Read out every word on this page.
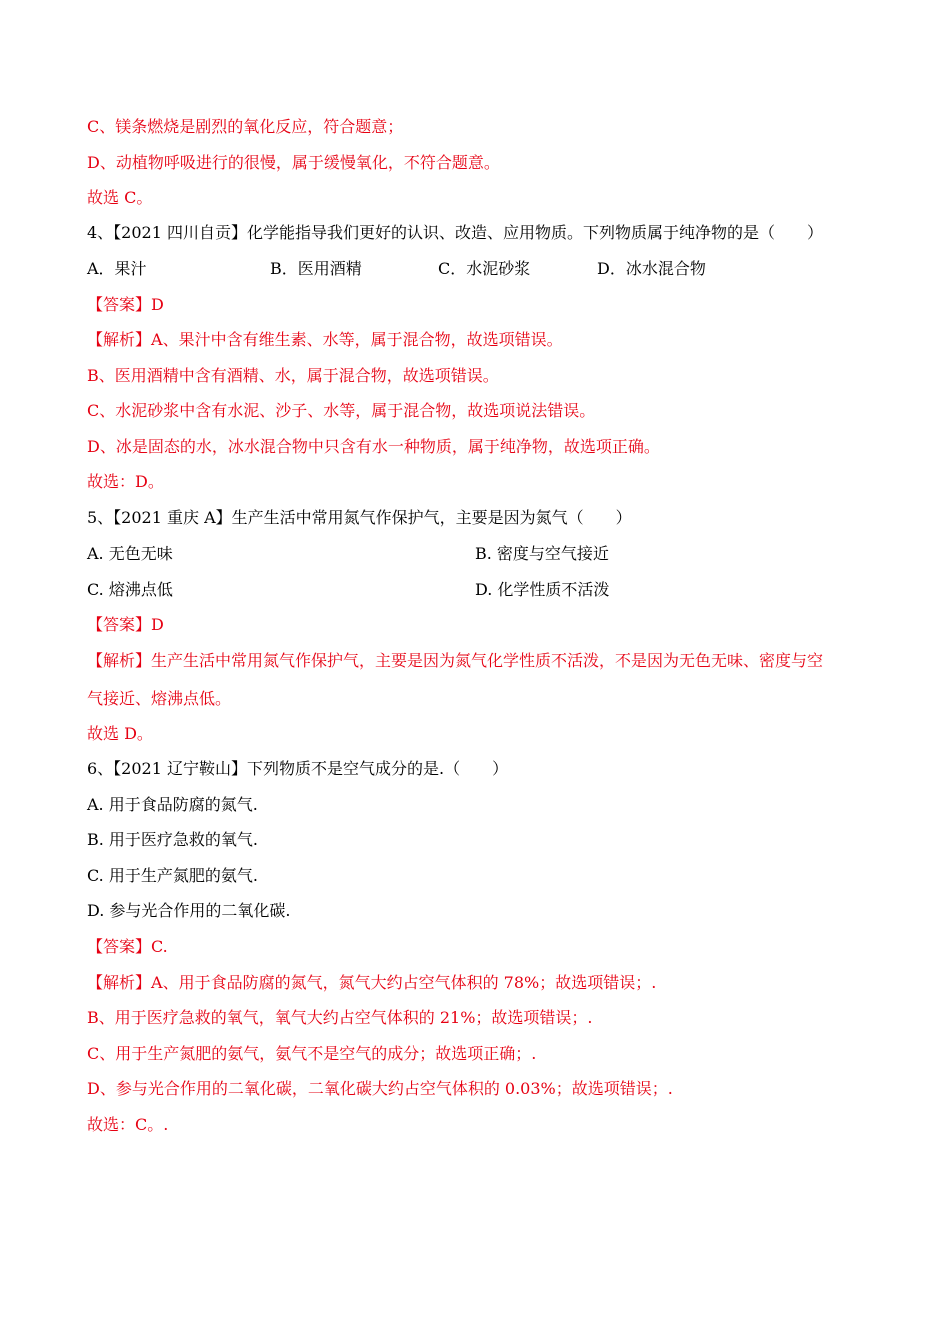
C、镁条燃烧是剧烈的氧化反应，符合题意；
D、动植物呼吸进行的很慢，属于缓慢氧化，不符合题意。
故选 C。
4、【2021 四川自贡】化学能指导我们更好的认识、改造、应用物质。下列物质属于纯净物的是（　　）
A．果汁	B．医用酒精	C．水泥砂浆	D．冰水混合物
【答案】D
【解析】A、果汁中含有维生素、水等，属于混合物，故选项错误。
B、医用酒精中含有酒精、水，属于混合物，故选项错误。
C、水泥砂浆中含有水泥、沙子、水等，属于混合物，故选项说法错误。
D、冰是固态的水，冰水混合物中只含有水一种物质，属于纯净物，故选项正确。
故选：D。
5、【2021 重庆 A】生产生活中常用氮气作保护气，主要是因为氮气（　　）
A. 无色无味	B. 密度与空气接近
C. 熔沸点低	D. 化学性质不活泼
【答案】D
【解析】生产生活中常用氮气作保护气，主要是因为氮气化学性质不活泼，不是因为无色无味、密度与空
气接近、熔沸点低。
故选 D。
6、【2021 辽宁鞍山】下列物质不是空气成分的是.（　　）
A. 用于食品防腐的氮气.
B. 用于医疗急救的氧气.
C. 用于生产氮肥的氨气.
D. 参与光合作用的二氧化碳.
【答案】C.
【解析】A、用于食品防腐的氮气，氮气大约占空气体积的 78%；故选项错误；.
B、用于医疗急救的氧气，氧气大约占空气体积的 21%；故选项错误；.
C、用于生产氮肥的氨气，氨气不是空气的成分；故选项正确；.
D、参与光合作用的二氧化碳，二氧化碳大约占空气体积的 0.03%；故选项错误；.
故选：C。.
